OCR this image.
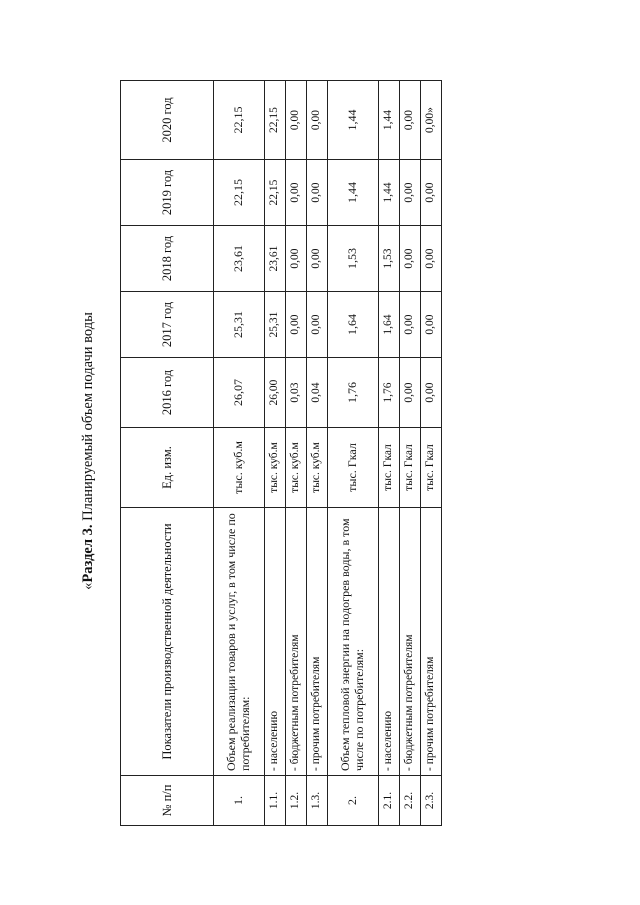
«Раздел 3. Планируемый объем подачи воды
№ п/п	Показатели производственной деятельности	Ед. изм.	2016 год	2017 год	2018 год	2019 год	2020 год
1.	Объем реализации товаров и услуг, в том числе по потребителям:	тыс. куб.м	26,07	25,31	23,61	22,15	22,15
1.1.	- населению	тыс. куб.м	26,00	25,31	23,61	22,15	22,15
1.2.	- бюджетным потребителям	тыс. куб.м	0,03	0,00	0,00	0,00	0,00
1.3.	- прочим потребителям	тыс. куб.м	0,04	0,00	0,00	0,00	0,00
2.	Объем тепловой энергии на подогрев воды, в том числе по потребителям:	тыс. Гкал	1,76	1,64	1,53	1,44	1,44
2.1.	- населению	тыс. Гкал	1,76	1,64	1,53	1,44	1,44
2.2.	- бюджетным потребителям	тыс. Гкал	0,00	0,00	0,00	0,00	0,00
2.3.	- прочим потребителям	тыс. Гкал	0,00	0,00	0,00	0,00	0,00»
